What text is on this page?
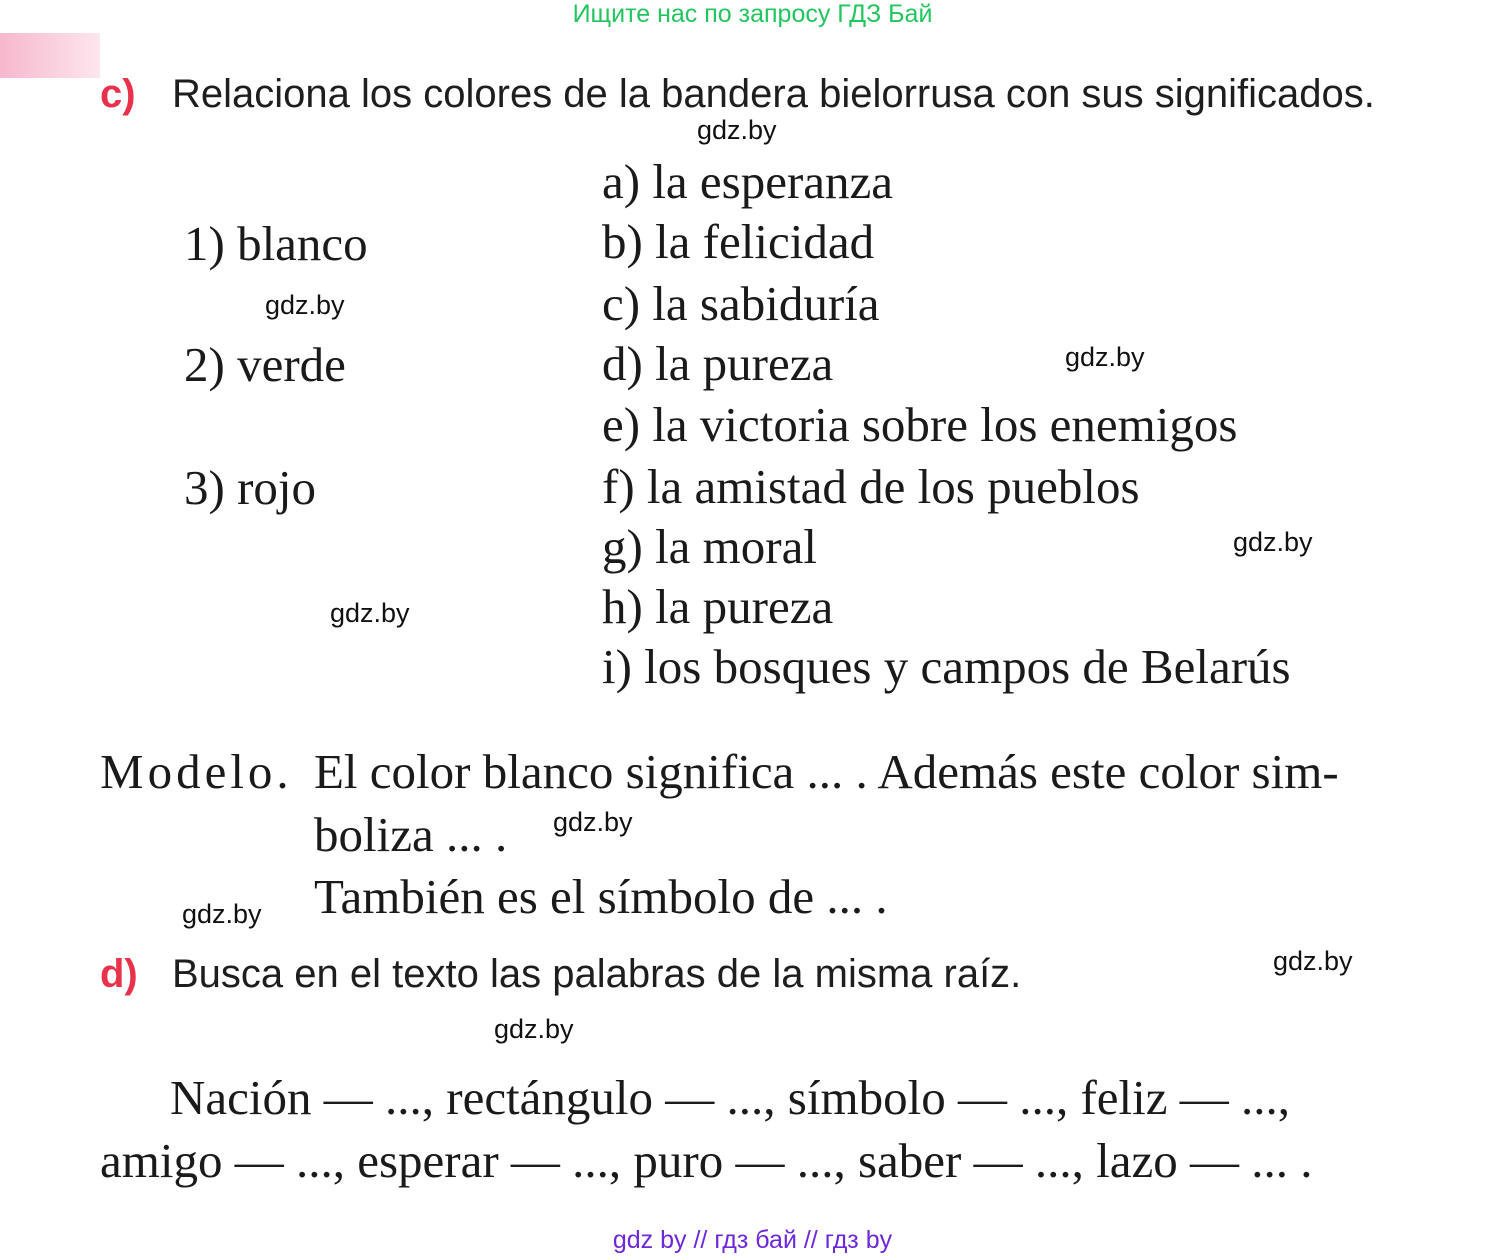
Ищите нас по запросу ГДЗ Бай
c) Relaciona los colores de la bandera bielorrusa con sus significados.
1) blanco
2) verde
3) rojo
a) la esperanza
b) la felicidad
c) la sabiduría
d) la pureza
e) la victoria sobre los enemigos
f) la amistad de los pueblos
g) la moral
h) la pureza
i) los bosques y campos de Belarús
Modelo. El color blanco significa ... . Además este color sim-
boliza ... .
También es el símbolo de ... .
d) Busca en el texto las palabras de la misma raíz.
Nación — ..., rectángulo — ..., símbolo — ..., feliz — ...,
amigo — ..., esperar — ..., puro — ..., saber — ..., lazo — ... .
gdz.by
gdz.by
gdz.by
gdz.by
gdz.by
gdz.by
gdz.by
gdz.by
gdz.by
gdz by // гдз бай // гдз by
